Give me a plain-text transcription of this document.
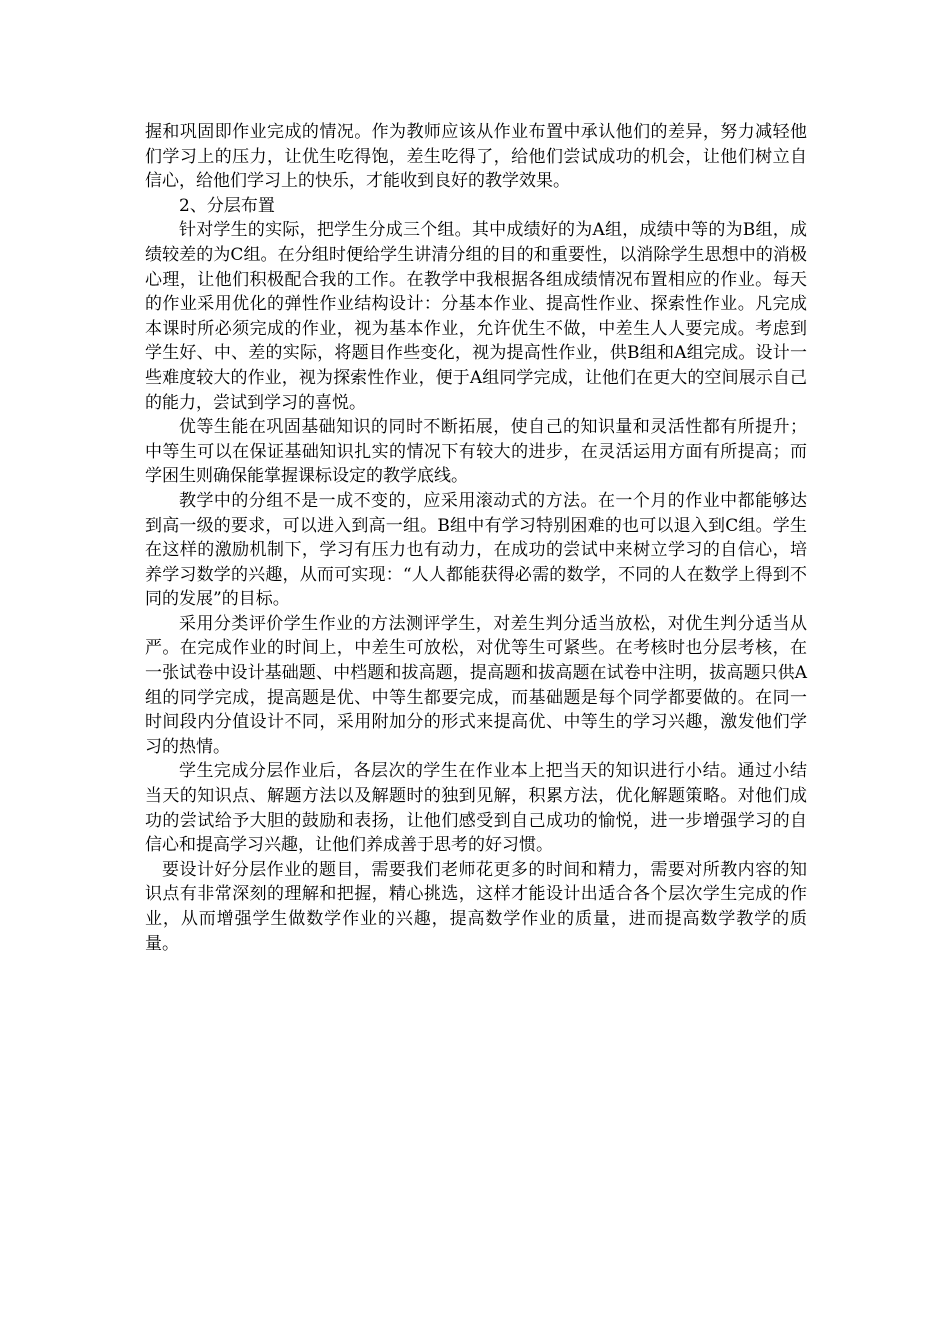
握和巩固即作业完成的情况。作为教师应该从作业布置中承认他们的差异，努力减轻他们学习上的压力，让优生吃得饱，差生吃得了，给他们尝试成功的机会，让他们树立自信心，给他们学习上的快乐，才能收到良好的教学效果。

2、分层布置

针对学生的实际，把学生分成三个组。其中成绩好的为A组，成绩中等的为B组，成绩较差的为C组。在分组时便给学生讲清分组的目的和重要性，以消除学生思想中的消极心理，让他们积极配合我的工作。在教学中我根据各组成绩情况布置相应的作业。每天的作业采用优化的弹性作业结构设计：分基本作业、提高性作业、探索性作业。凡完成本课时所必须完成的作业，视为基本作业，允许优生不做，中差生人人要完成。考虑到学生好、中、差的实际，将题目作些变化，视为提高性作业，供B组和A组完成。设计一些难度较大的作业，视为探索性作业，便于A组同学完成，让他们在更大的空间展示自己的能力，尝试到学习的喜悦。

优等生能在巩固基础知识的同时不断拓展，使自己的知识量和灵活性都有所提升；中等生可以在保证基础知识扎实的情况下有较大的进步，在灵活运用方面有所提高；而学困生则确保能掌握课标设定的教学底线。

教学中的分组不是一成不变的，应采用滚动式的方法。在一个月的作业中都能够达到高一级的要求，可以进入到高一组。B组中有学习特别困难的也可以退入到C组。学生在这样的激励机制下，学习有压力也有动力，在成功的尝试中来树立学习的自信心，培养学习数学的兴趣，从而可实现：“人人都能获得必需的数学，不同的人在数学上得到不同的发展”的目标。

采用分类评价学生作业的方法测评学生，对差生判分适当放松，对优生判分适当从严。在完成作业的时间上，中差生可放松，对优等生可紧些。在考核时也分层考核，在一张试卷中设计基础题、中档题和拔高题，提高题和拔高题在试卷中注明，拔高题只供A组的同学完成，提高题是优、中等生都要完成，而基础题是每个同学都要做的。在同一时间段内分值设计不同，采用附加分的形式来提高优、中等生的学习兴趣，激发他们学习的热情。

学生完成分层作业后，各层次的学生在作业本上把当天的知识进行小结。通过小结当天的知识点、解题方法以及解题时的独到见解，积累方法，优化解题策略。对他们成功的尝试给予大胆的鼓励和表扬，让他们感受到自己成功的愉悦，进一步增强学习的自信心和提高学习兴趣，让他们养成善于思考的好习惯。

要设计好分层作业的题目，需要我们老师花更多的时间和精力，需要对所教内容的知识点有非常深刻的理解和把握，精心挑选，这样才能设计出适合各个层次学生完成的作业，从而增强学生做数学作业的兴趣，提高数学作业的质量，进而提高数学教学的质量。
